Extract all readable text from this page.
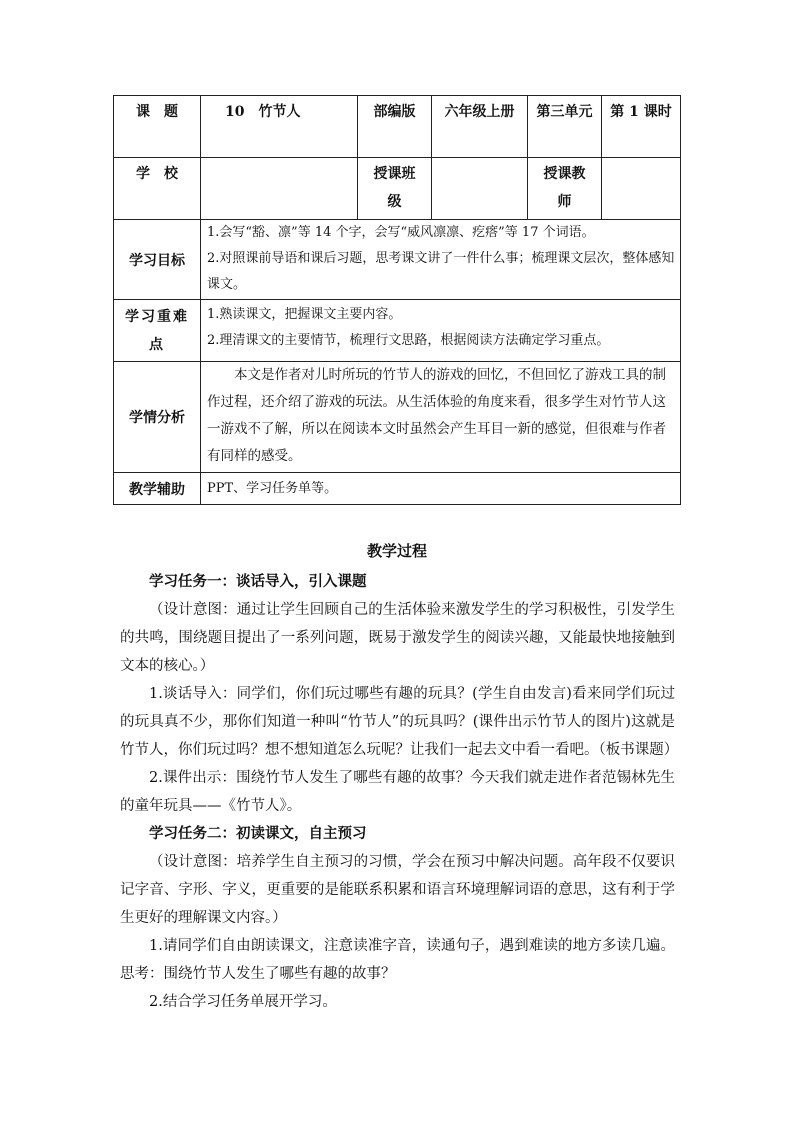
课　题	10　竹节人	部编版	六年级上册	第三单元	第 1 课时
学　校		授课班级		授课教师	
学习目标	1.会写“豁、凛”等 14 个字，会写“威风凛凛、疙瘩”等 17 个词语。

2.对照课前导语和课后习题，思考课文讲了一件什么事；梳理课文层次，整体感知课文。				

学习重难点	1.熟读课文，把握课文主要内容。

2.理清课文的主要情节，梳理行文思路，根据阅读方法确定学习重点。				

学情分析	本文是作者对儿时所玩的竹节人的游戏的回忆，不但回忆了游戏工具的制作过程，还介绍了游戏的玩法。从生活体验的角度来看，很多学生对竹节人这一游戏不了解，所以在阅读本文时虽然会产生耳目一新的感觉，但很难与作者有同样的感受。				

教学辅助	PPT、学习任务单等。				
教学过程

学习任务一：谈话导入，引入课题

（设计意图：通过让学生回顾自己的生活体验来激发学生的学习积极性，引发学生的共鸣，围绕题目提出了一系列问题，既易于激发学生的阅读兴趣，又能最快地接触到文本的核心。）

1.谈话导入：同学们，你们玩过哪些有趣的玩具？(学生自由发言)看来同学们玩过的玩具真不少，那你们知道一种叫“竹节人”的玩具吗？(课件出示竹节人的图片)这就是竹节人，你们玩过吗？想不想知道怎么玩呢？让我们一起去文中看一看吧。（板书课题）

2.课件出示：围绕竹节人发生了哪些有趣的故事？今天我们就走进作者范锡林先生的童年玩具——《竹节人》。

学习任务二：初读课文，自主预习

（设计意图：培养学生自主预习的习惯，学会在预习中解决问题。高年段不仅要识记字音、字形、字义，更重要的是能联系积累和语言环境理解词语的意思，这有利于学生更好的理解课文内容。）

1.请同学们自由朗读课文，注意读准字音，读通句子，遇到难读的地方多读几遍。思考：围绕竹节人发生了哪些有趣的故事？

2.结合学习任务单展开学习。
